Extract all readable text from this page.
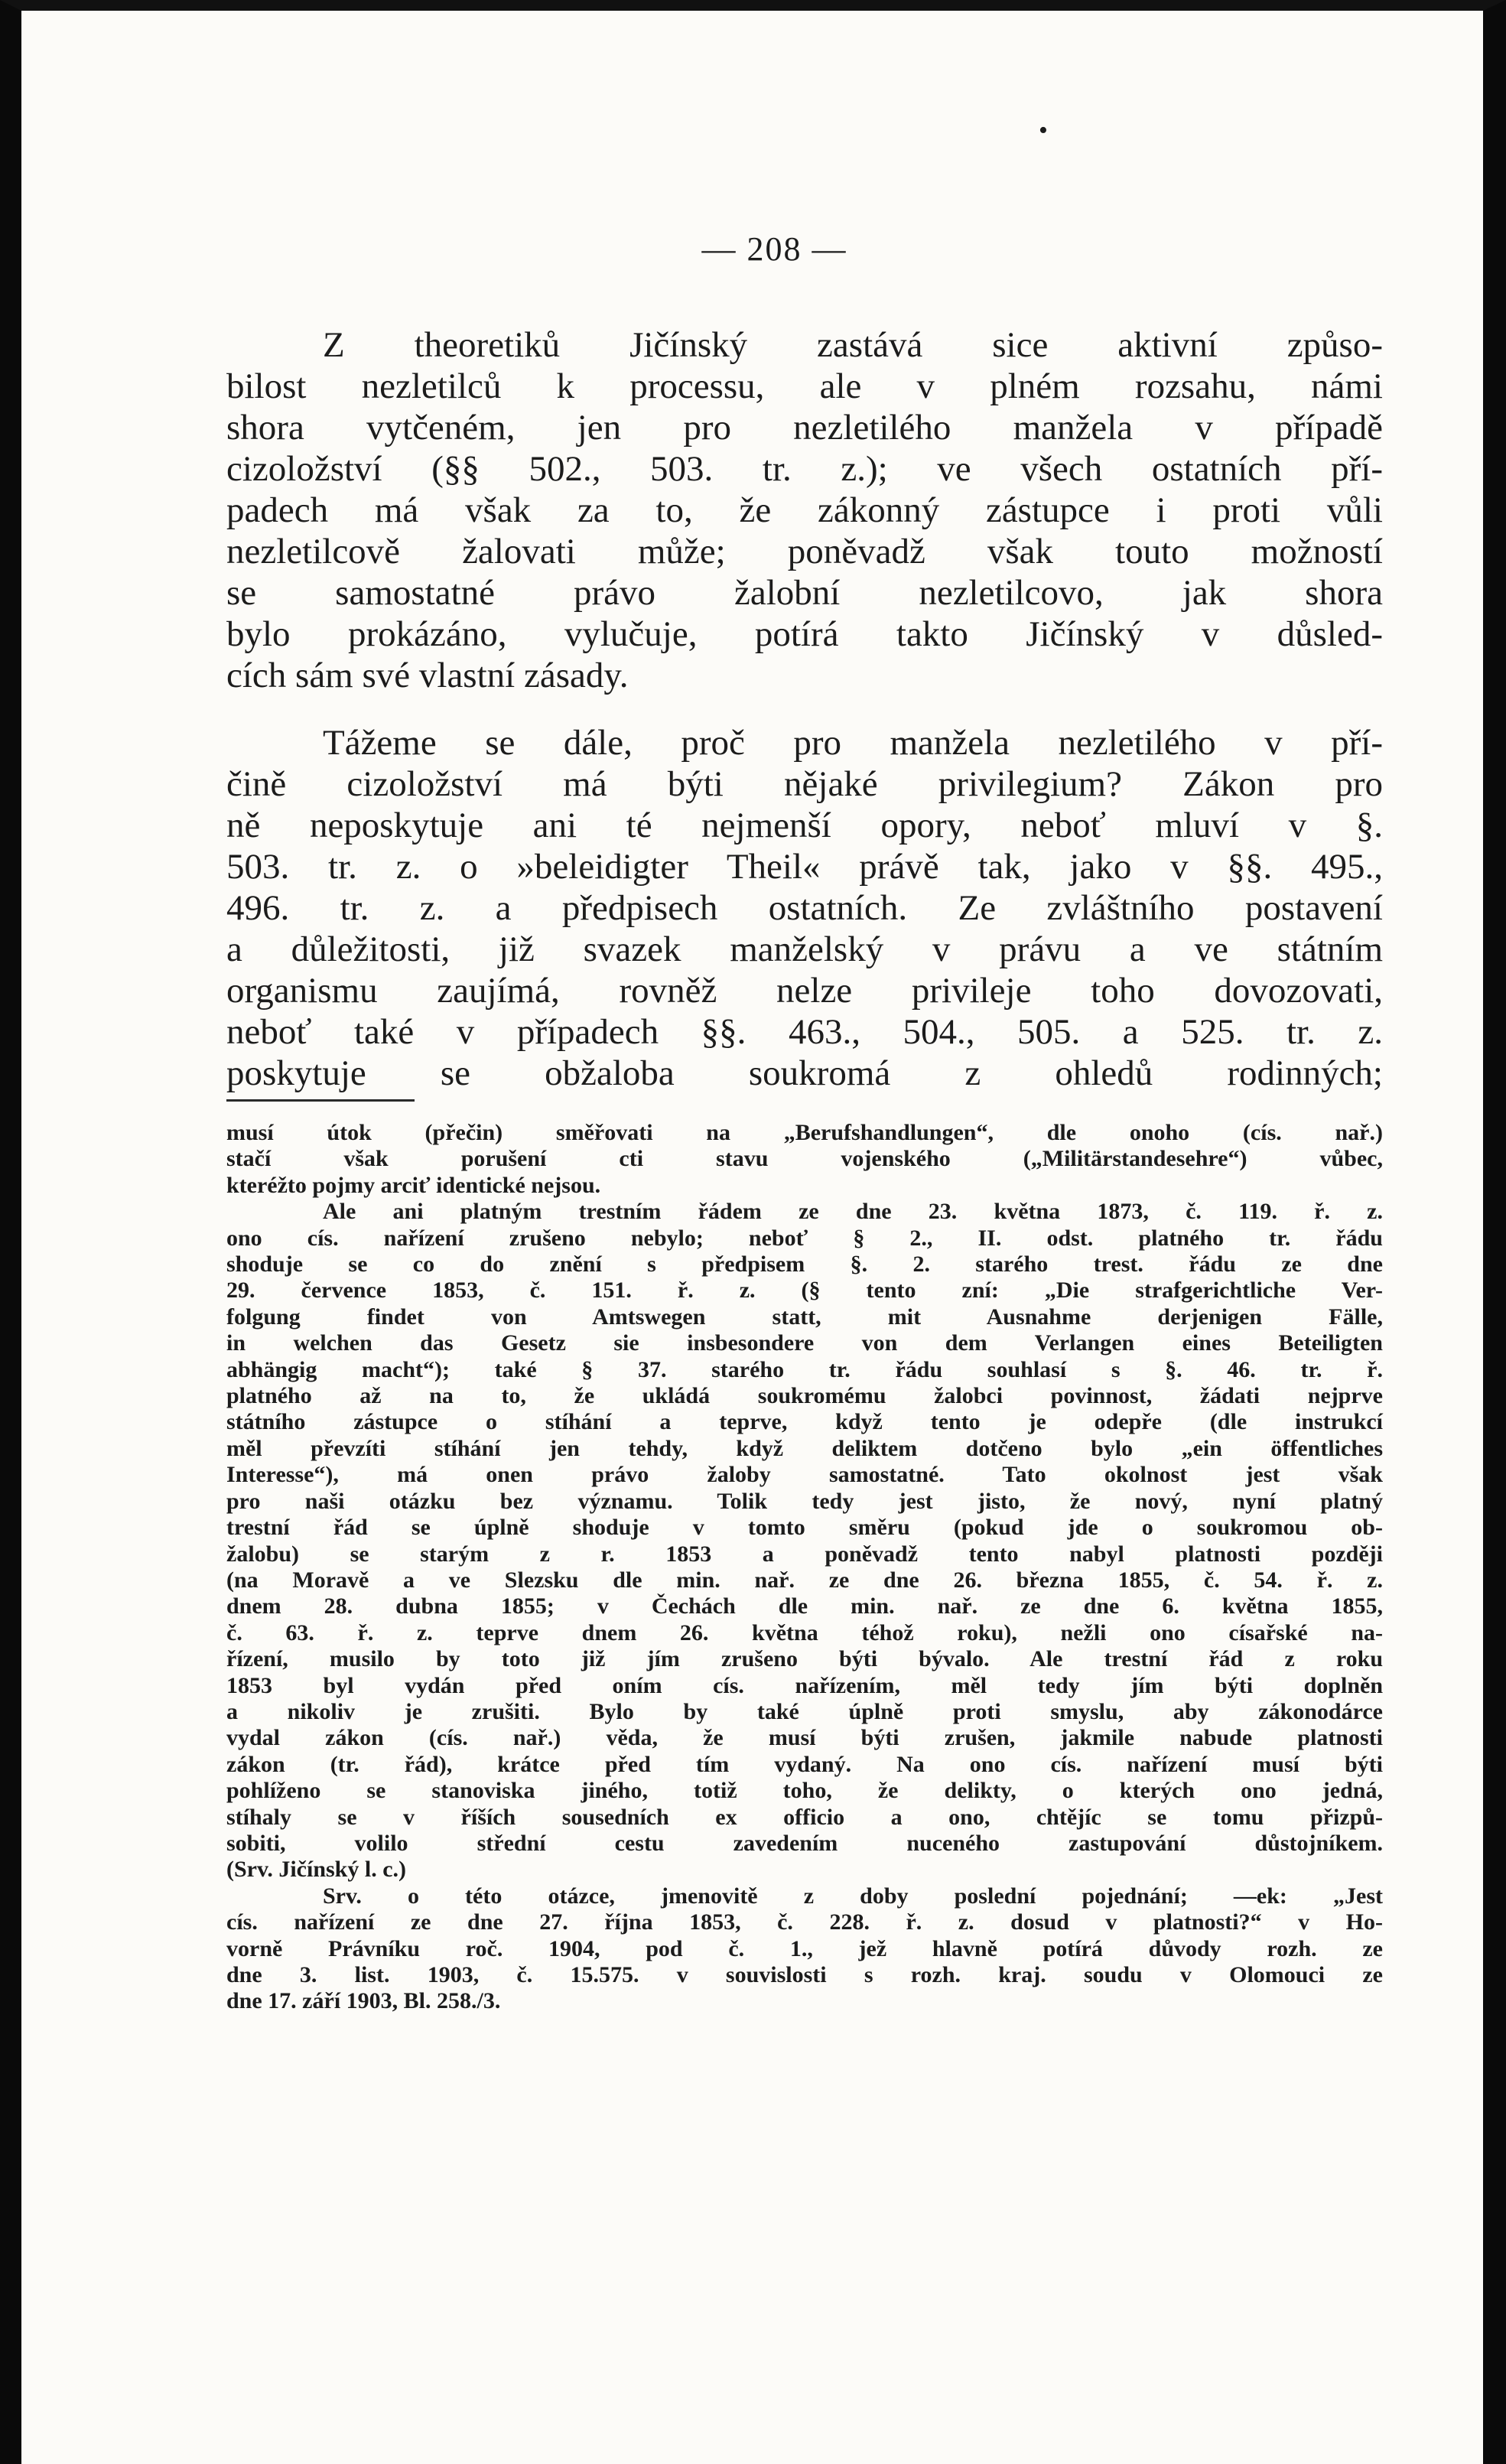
•
— 208 —
Z theoretiků Jičínský zastává sice aktivní způso-
bilost nezletilců k processu, ale v plném rozsahu, námi
shora vytčeném, jen pro nezletilého manžela v případě
cizoložství (§§ 502., 503. tr. z.); ve všech ostatních pří-
padech má však za to, že zákonný zástupce i proti vůli
nezletilcově žalovati může; poněvadž však touto možností
se samostatné právo žalobní nezletilcovo, jak shora
bylo prokázáno, vylučuje, potírá takto Jičínský v důsled-
cích sám své vlastní zásady.
Tážeme se dále, proč pro manžela nezletilého v pří-
čině cizoložství má býti nějaké privilegium? Zákon pro
ně neposkytuje ani té nejmenší opory, neboť mluví v §.
503. tr. z. o »beleidigter Theil« právě tak, jako v §§. 495.,
496. tr. z. a předpisech ostatních. Ze zvláštního postavení
a důležitosti, již svazek manželský v právu a ve státním
organismu zaujímá, rovněž nelze privileje toho dovozovati,
neboť také v případech §§. 463., 504., 505. a 525. tr. z.
poskytuje se obžaloba soukromá z ohledů rodinných;
musí útok (přečin) směřovati na „Berufshandlungen“, dle onoho (cís. nař.)
stačí však porušení cti stavu vojenského („Militärstandesehre“) vůbec,
kteréžto pojmy arciť identické nejsou.
Ale ani platným trestním řádem ze dne 23. května 1873, č. 119. ř. z.
ono cís. nařízení zrušeno nebylo; neboť § 2., II. odst. platného tr. řádu
shoduje se co do znění s předpisem §. 2. starého trest. řádu ze dne
29. července 1853, č. 151. ř. z. (§ tento zní: „Die strafgerichtliche Ver-
folgung findet von Amtswegen statt, mit Ausnahme derjenigen Fälle,
in welchen das Gesetz sie insbesondere von dem Verlangen eines Beteiligten
abhängig macht“); také § 37. starého tr. řádu souhlasí s §. 46. tr. ř.
platného až na to, že ukládá soukromému žalobci povinnost, žádati nejprve
státního zástupce o stíhání a teprve, když tento je odepře (dle instrukcí
měl převzíti stíhání jen tehdy, když deliktem dotčeno bylo „ein öffentliches
Interesse“), má onen právo žaloby samostatné. Tato okolnost jest však
pro naši otázku bez významu. Tolik tedy jest jisto, že nový, nyní platný
trestní řád se úplně shoduje v tomto směru (pokud jde o soukromou ob-
žalobu) se starým z r. 1853 a poněvadž tento nabyl platnosti později
(na Moravě a ve Slezsku dle min. nař. ze dne 26. března 1855, č. 54. ř. z.
dnem 28. dubna 1855; v Čechách dle min. nař. ze dne 6. května 1855,
č. 63. ř. z. teprve dnem 26. května téhož roku), nežli ono císařské na-
řízení, musilo by toto již jím zrušeno býti bývalo. Ale trestní řád z roku
1853 byl vydán před oním cís. nařízením, měl tedy jím býti doplněn
a nikoliv je zrušiti. Bylo by také úplně proti smyslu, aby zákonodárce
vydal zákon (cís. nař.) věda, že musí býti zrušen, jakmile nabude platnosti
zákon (tr. řád), krátce před tím vydaný. Na ono cís. nařízení musí býti
pohlíženo se stanoviska jiného, totiž toho, že delikty, o kterých ono jedná,
stíhaly se v říších sousedních ex officio a ono, chtějíc se tomu přizpů-
sobiti, volilo střední cestu zavedením nuceného zastupování důstojníkem.
(Srv. Jičínský l. c.)
Srv. o této otázce, jmenovitě z doby poslední pojednání; —ek: „Jest
cís. nařízení ze dne 27. října 1853, č. 228. ř. z. dosud v platnosti?“ v Ho-
vorně Právníku roč. 1904, pod č. 1., jež hlavně potírá důvody rozh. ze
dne 3. list. 1903, č. 15.575. v souvislosti s rozh. kraj. soudu v Olomouci ze
dne 17. září 1903, Bl. 258./3.
